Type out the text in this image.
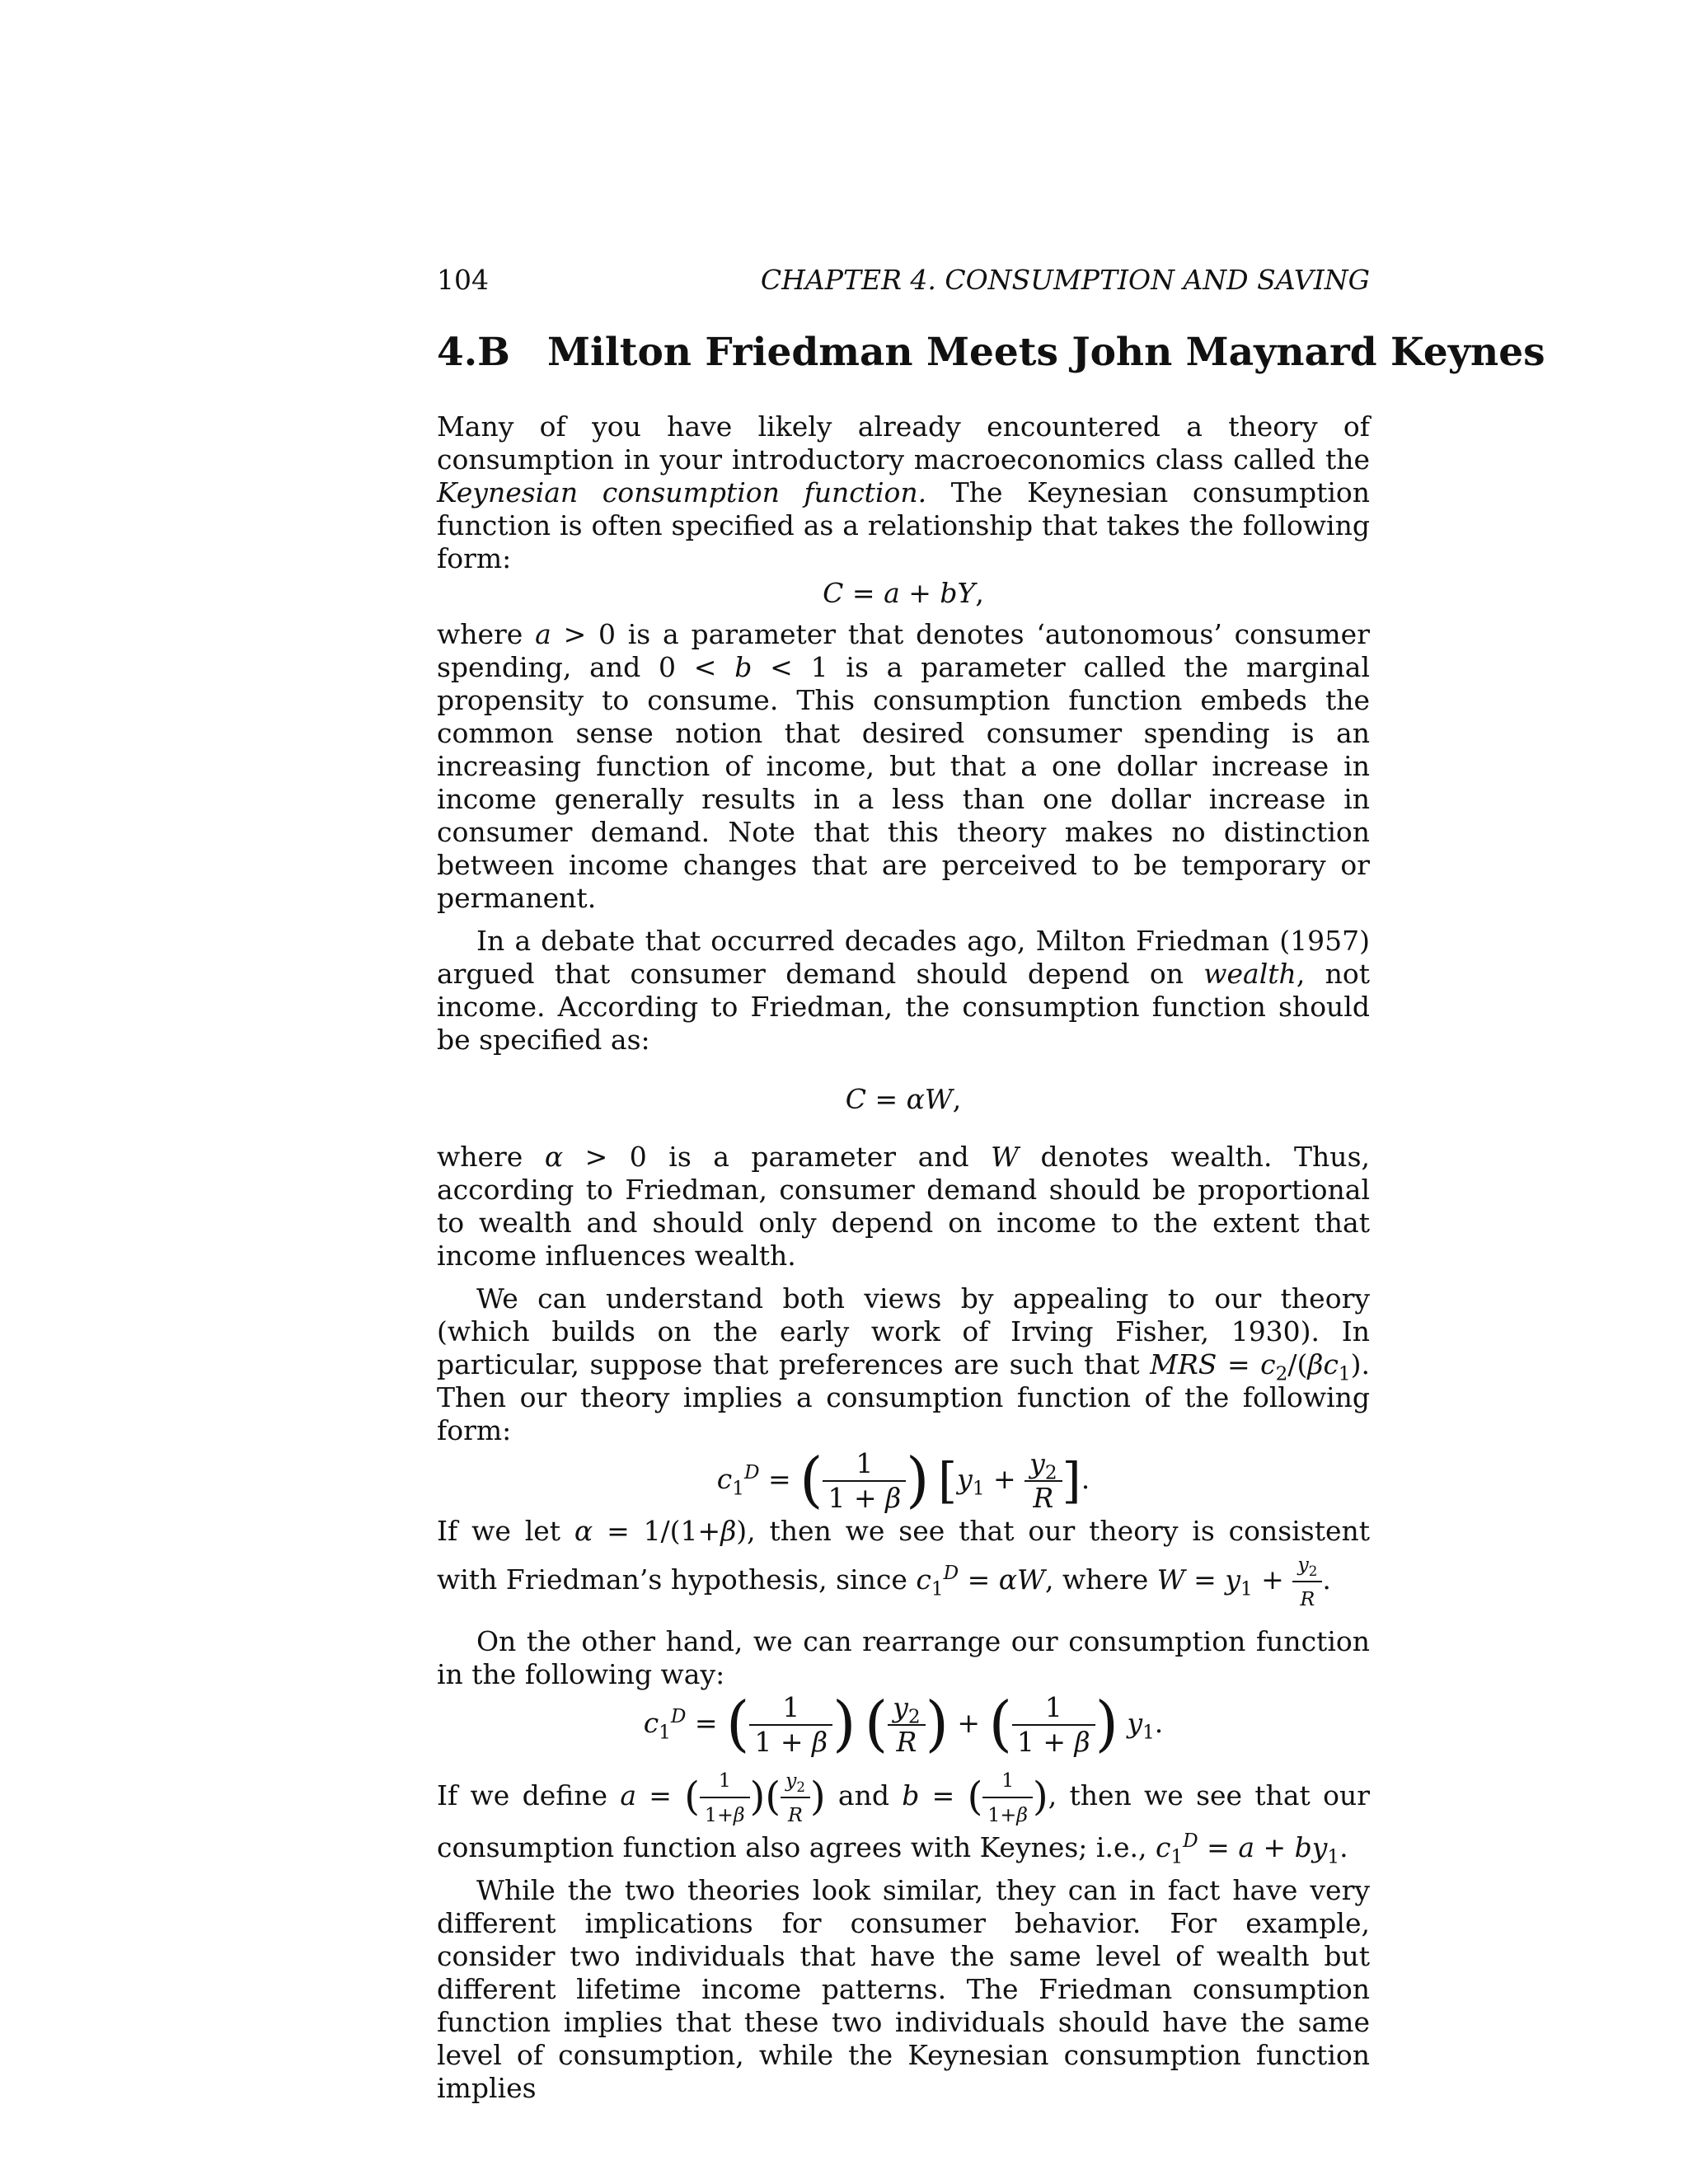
104	CHAPTER 4. CONSUMPTION AND SAVING
4.B Milton Friedman Meets John Maynard Keynes

Many of you have likely already encountered a theory of consumption in your introductory macroeconomics class called the Keynesian consumption function. The Keynesian consumption function is often specified as a relationship that takes the following form:

C = a + bY,

where a > 0 is a parameter that denotes ‘autonomous’ consumer spending, and 0 < b < 1 is a parameter called the marginal propensity to consume. This consumption function embeds the common sense notion that desired consumer spending is an increasing function of income, but that a one dollar increase in income generally results in a less than one dollar increase in consumer demand. Note that this theory makes no distinction between income changes that are perceived to be temporary or permanent.

In a debate that occurred decades ago, Milton Friedman (1957) argued that consumer demand should depend on wealth, not income. According to Friedman, the consumption function should be specified as:

C = αW,

where α > 0 is a parameter and W denotes wealth. Thus, according to Friedman, consumer demand should be proportional to wealth and should only depend on income to the extent that income influences wealth.

We can understand both views by appealing to our theory (which builds on the early work of Irving Fisher, 1930). In particular, suppose that preferences are such that MRS = $c_2/(\beta c_1)$. Then our theory implies a consumption function of the following form:

$c_1^D$ = ( $\frac{1}{1 + \beta}$ ) [$y_1 + \frac{y_2}{R}$ ].

If we let α = 1/(1+β), then we see that our theory is consistent with Friedman’s hypothesis, since $c_1^D = \alpha W$, where $W = y_1 + \frac{y_2}{R}$ .

On the other hand, we can rearrange our consumption function in the following way:

$c_1^D$ = ( $\frac{1}{1 + \beta}$ ) ( $\frac{y_2}{R}$ ) + ( $\frac{1}{1 + \beta}$ ) $y_1$.

If we define a = ( $\frac{1}{1+\beta}$ )( $\frac{y_2}{R}$ ) and b = ( $\frac{1}{1+\beta}$ ), then we see that our consumption function also agrees with Keynes; i.e., $c_1^D = a + by_1$.

While the two theories look similar, they can in fact have very different implications for consumer behavior. For example, consider two individuals that have the same level of wealth but different lifetime income patterns. The Friedman consumption function implies that these two individuals should have the same level of consumption, while the Keynesian consumption function implies
